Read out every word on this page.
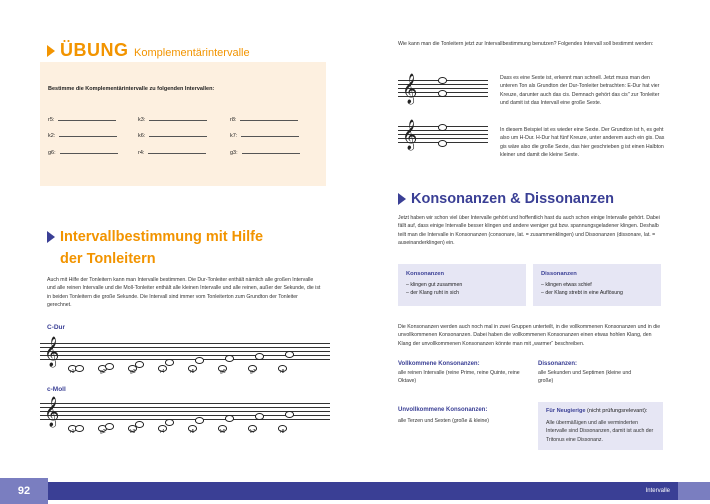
ÜBUNG Komplementärintervalle
Bestimme die Komplementärintervalle zu folgenden Intervallen:
r5:	k3:	r8:
k2:	k6:	k7:
g6:	r4:	g3:
Intervallbestimmung mit Hilfe
der Tonleitern
Auch mit Hilfe der Tonleitern kann man Intervalle bestimmen. Die Dur-Tonleiter enthält nämlich alle großen Intervalle und alle reinen Intervalle und die Moll-Tonleiter enthält alle kleinen Intervalle und alle reinen, außer der Sekunde, die ist in beiden Tonleitern die große Sekunde. Die Intervall sind immer vom Tonleiterton zum Grundton der Tonleiter gerechnet.
C-Dur
𝄞
c-Moll
𝄞
r1	g2	g3	r4	r5	g6	g7	r8
r1	g2	k3	r4	r5	k6	k7	r8
Wie kann man die Tonleitern jetzt zur Intervallbestimmung benutzen? Folgendes Intervall soll bestimmt werden:
𝄞	Dass es eine Sexte ist, erkennt man schnell. Jetzt muss man den unteren Ton als Grundton der Dur-Tonleiter betrachten: E-Dur hat vier Kreuze, darunter auch das cis. Demnach gehört das cis'' zur Tonleiter und damit ist das Intervall eine große Sexte.
𝄞	In diesem Beispiel ist es wieder eine Sexte. Der Grundton ist h, es geht also um H-Dur. H-Dur hat fünf Kreuze, unter anderem auch ein gis. Das gis wäre also die große Sexte, das hier geschrieben g ist einen Halbton kleiner und damit die kleine Sexte.
Konsonanzen & Dissonanzen
Jetzt haben wir schon viel über Intervalle gehört und hoffentlich hast du auch schon einige Intervalle gehört. Dabei fällt auf, dass einige Intervalle besser klingen und andere weniger gut bzw. spannungsgeladener klingen. Deshalb teilt man die Intervalle in Konsonanzen (consonare, lat. = zusammenklingen) und Dissonanzen (dissonare, lat. = auseinanderklingen) ein.
Konsonanzen
– klingen gut zusammen
– der Klang ruht in sich
Dissonanzen
– klingen etwas schief
– der Klang strebt in eine Auflösung
Die Konsonanzen werden auch noch mal in zwei Gruppen unterteilt, in die vollkommenen Konsonanzen und in die unvollkommenen Konsonanzen. Dabei haben die vollkommenen Konsonanzen einen etwas hohlen Klang, den Klang der unvollkommenen Konsonanzen könnte man mit „warmer“ beschreiben.
Vollkommene Konsonanzen:
alle reinen Intervalle (reine Prime, reine Quinte, reine Oktave)
Dissonanzen:
alle Sekunden und Septimen (kleine und große)
Unvollkommene Konsonanzen:
alle Terzen und Sexten (große & kleine)
Für Neugierige (nicht prüfungsrelevant):
Alle übermäßigen und alle verminderten Intervalle sind Dissonanzen, damit ist auch der Tritonus eine Dissonanz.
92	Intervalle
